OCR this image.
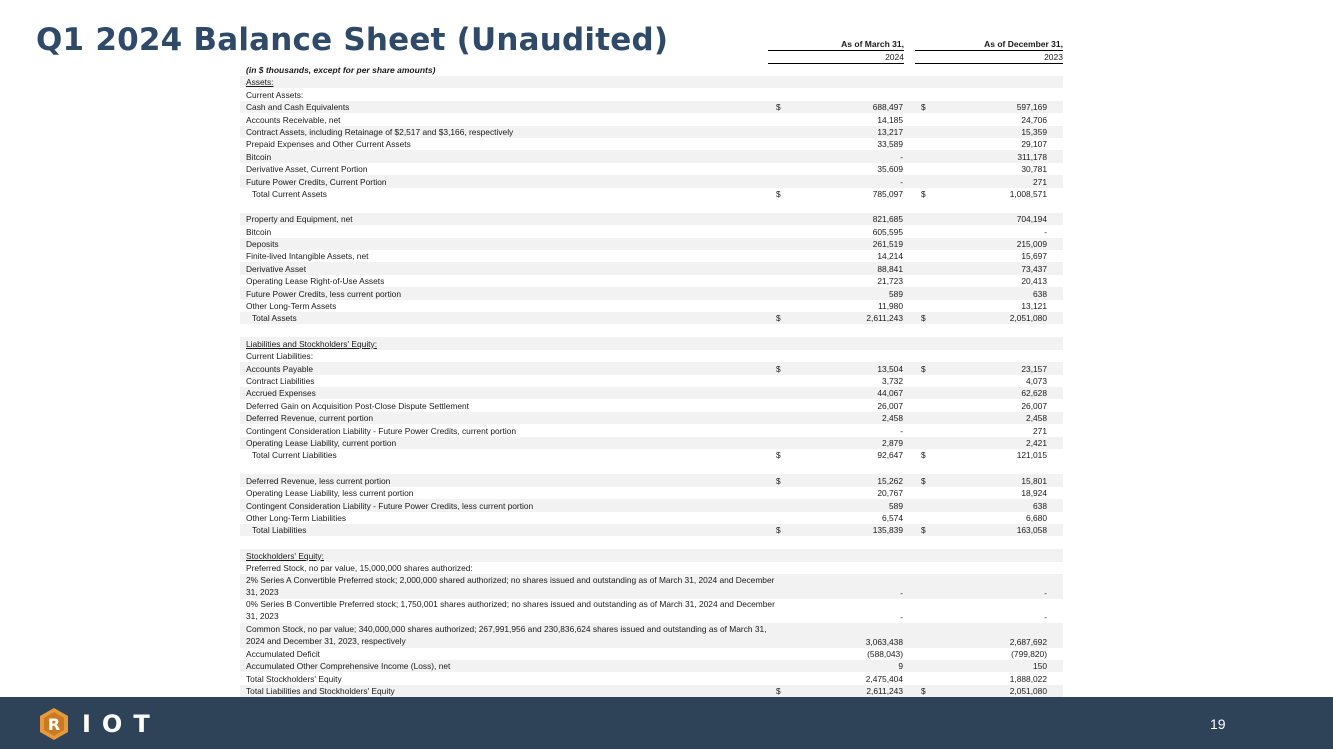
Q1 2024 Balance Sheet (Unaudited)	As of March 31,
2024
As of December 31,
2023
(in $ thousands, except for per share amounts)
Assets:
Current Assets:
Cash and Cash Equivalents	$	688,497 $	597,169
Accounts Receivable, net	14,185	24,706
Contract Assets, including Retainage of $2,517 and $3,166, respectively	13,217	15,359
Prepaid Expenses and Other Current Assets	33,589	29,107
Bitcoin	-	311,178
Derivative Asset, Current Portion	35,609	30,781
Future Power Credits, Current Portion	-	271
Total Current Assets	$	785,097 $	1,008,571
Property and Equipment, net	821,685	704,194
Bitcoin	605,595	-
Deposits	261,519	215,009
Finite-lived Intangible Assets, net	14,214	15,697
Derivative Asset	88,841	73,437
Operating Lease Right-of-Use Assets	21,723	20,413
Future Power Credits, less current portion	589	638
Other Long-Term Assets	11,980	13,121
Total Assets	$	2,611,243 $	2,051,080
Liabilities and Stockholders' Equity:
Current Liabilities:
Accounts Payable	$	13,504 $	23,157
Contract Liabilities	3,732	4,073
Accrued Expenses	44,067	62,628
Deferred Gain on Acquisition Post-Close Dispute Settlement	26,007	26,007
Deferred Revenue, current portion	2,458	2,458
Contingent Consideration Liability - Future Power Credits, current portion	-	271
Operating Lease Liability, current portion	2,879	2,421
Total Current Liabilities	$	92,647 $	121,015
Deferred Revenue, less current portion	$	15,262 $	15,801
Operating Lease Liability, less current portion	20,767	18,924
Contingent Consideration Liability - Future Power Credits, less current portion	589	638
Other Long-Term Liabilities	6,574	6,680
Total Liabilities	$	135,839 $	163,058
Stockholders' Equity:
Preferred Stock, no par value, 15,000,000 shares authorized:
2% Series A Convertible Preferred stock; 2,000,000 shared authorized; no shares issued and outstanding as of March 31, 2024 and December 31, 2023	-	-
0% Series B Convertible Preferred stock; 1,750,001 shares authorized; no shares issued and outstanding as of March 31, 2024 and December 31, 2023	-	-
Common Stock, no par value; 340,000,000 shares authorized; 267,991,956 and 230,836,624 shares issued and outstanding as of March 31, 2024 and December 31, 2023, respectively	3,063,438	2,687,692
Accumulated Deficit	(588,043)	(799,820)
Accumulated Other Comprehensive Income (Loss), net	9	150
Total Stockholders' Equity	2,475,404	1,888,022
Total Liabilities and Stockholders' Equity	$	2,611,243 $	2,051,080
R IOT	19
